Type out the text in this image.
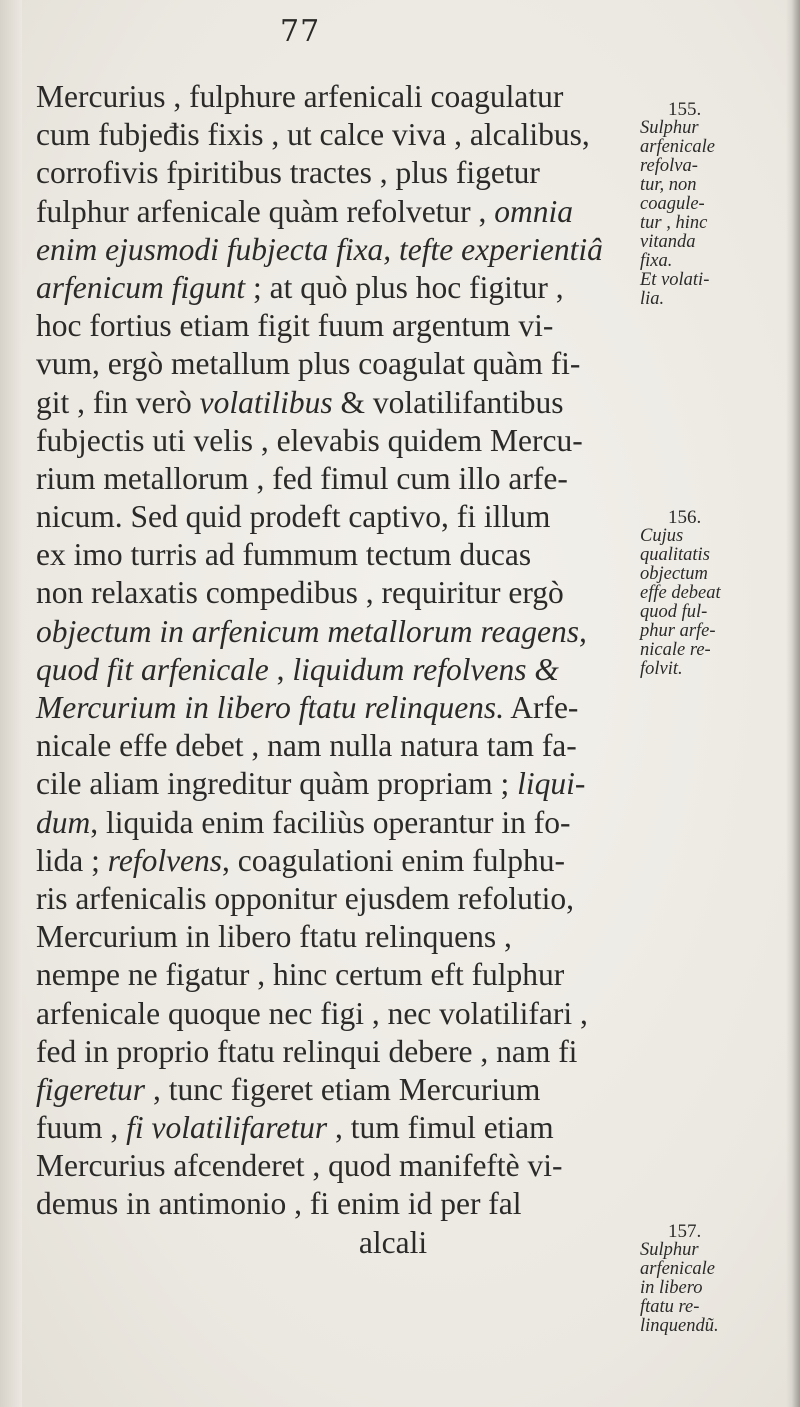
77
Mercurius , fulphure arfenicali coagulatur
cum fubjeđis fixis , ut calce viva , alcalibus,
corrofivis fpiritibus tractes , plus figetur
fulphur arfenicale quàm refolvetur , omnia
enim ejusmodi fubjecta fixa, tefte experientiâ
arfenicum figunt ; at quò plus hoc figitur ,
hoc fortius etiam figit fuum argentum vi-
vum, ergò metallum plus coagulat quàm fi-
git , fin verò volatilibus & volatilifantibus
fubjectis uti velis , elevabis quidem Mercu-
rium metallorum , fed fimul cum illo arfe-
nicum. Sed quid prodeft captivo, fi illum
ex imo turris ad fummum tectum ducas
non relaxatis compedibus , requiritur ergò
objectum in arfenicum metallorum reagens,
quod fit arfenicale , liquidum refolvens &
Mercurium in libero ftatu relinquens. Arfe-
nicale effe debet , nam nulla natura tam fa-
cile aliam ingreditur quàm propriam ; liqui-
dum, liquida enim faciliùs operantur in fo-
lida ; refolvens, coagulationi enim fulphu-
ris arfenicalis opponitur ejusdem refolutio,
Mercurium in libero ftatu relinquens ,
nempe ne figatur , hinc certum eft fulphur
arfenicale quoque nec figi , nec volatilifari ,
fed in proprio ftatu relinqui debere , nam fi
figeretur , tunc figeret etiam Mercurium
fuum , fi volatilifaretur , tum fimul etiam
Mercurius afcenderet , quod manifeftè vi-
demus in antimonio , fi enim id per fal
alcali
155.
Sulphur
arfenicale
refolva-
tur, non
coagule-
tur , hinc
vitanda
fixa.
Et volati-
lia.
156.
Cujus
qualitatis
objectum
effe debeat
quod ful-
phur arfe-
nicale re-
folvit.
157.
Sulphur
arfenicale
in libero
ftatu re-
linquendũ.
